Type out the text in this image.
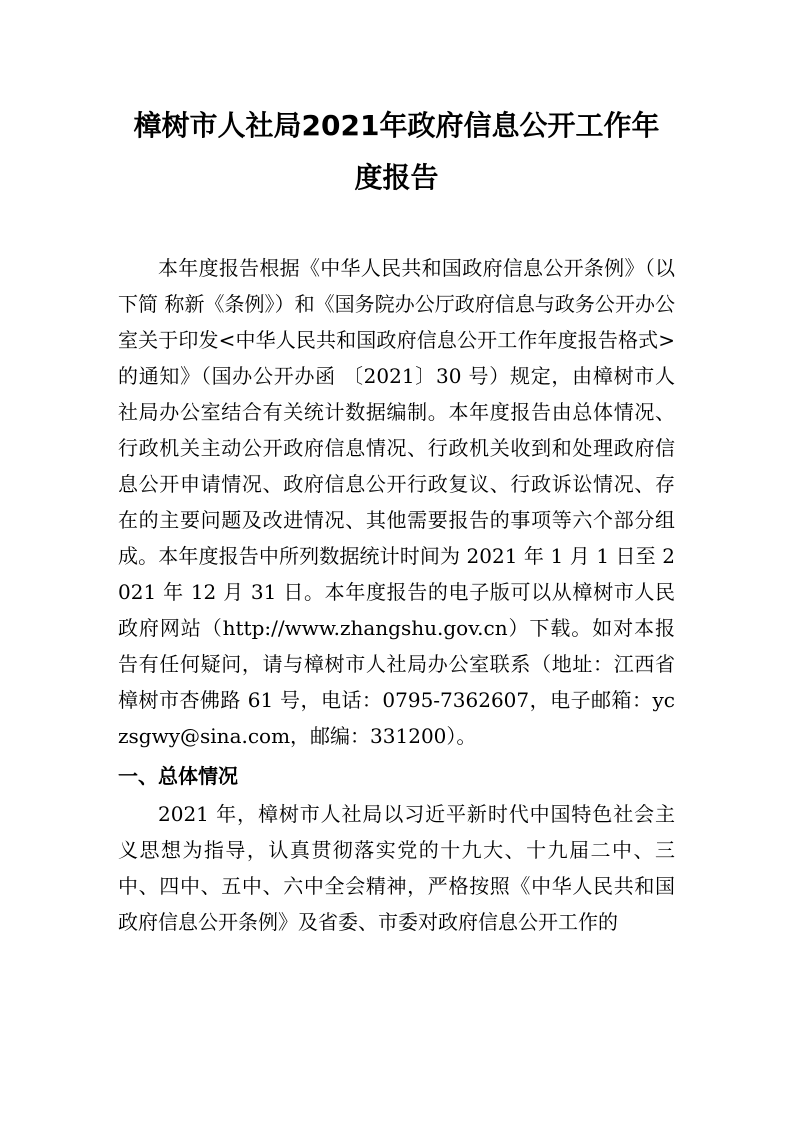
樟树市人社局2021年政府信息公开工作年
度报告

本年度报告根据《中华人民共和国政府信息公开条例》（以下简 称新《条例》）和《国务院办公厅政府信息与政务公开办公室关于印发<中华人民共和国政府信息公开工作年度报告格式>的通知》（国办公开办函 〔2021〕30 号）规定，由樟树市人社局办公室结合有关统计数据编制。本年度报告由总体情况、行政机关主动公开政府信息情况、行政机关收到和处理政府信息公开申请情况、政府信息公开行政复议、行政诉讼情况、存在的主要问题及改进情况、其他需要报告的事项等六个部分组成。本年度报告中所列数据统计时间为 2021 年 1 月 1 日至 2021 年 12 月 31 日。本年度报告的电子版可以从樟树市人民政府网站（http://www.zhangshu.gov.cn）下载。如对本报告有任何疑问，请与樟树市人社局办公室联系（地址：江西省樟树市杏佛路 61 号，电话：0795-7362607，电子邮箱：yczsgwy@sina.com，邮编：331200）。

一、总体情况

2021 年，樟树市人社局以习近平新时代中国特色社会主义思想为指导，认真贯彻落实党的十九大、十九届二中、三中、四中、五中、六中全会精神，严格按照《中华人民共和国政府信息公开条例》及省委、市委对政府信息公开工作的
